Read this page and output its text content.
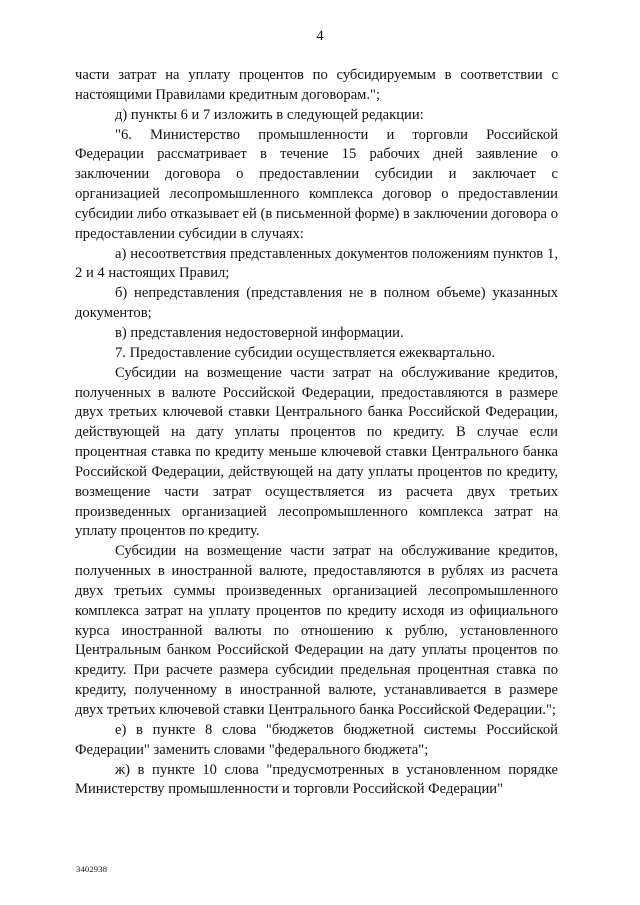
4

части затрат на уплату процентов по субсидируемым в соответствии с настоящими Правилами кредитным договорам.";

д) пункты 6 и 7 изложить в следующей редакции:

"6. Министерство промышленности и торговли Российской Федерации рассматривает в течение 15 рабочих дней заявление о заключении договора о предоставлении субсидии и заключает с организацией лесопромышленного комплекса договор о предоставлении субсидии либо отказывает ей (в письменной форме) в заключении договора о предоставлении субсидии в случаях:

а) несоответствия представленных документов положениям пунктов 1, 2 и 4 настоящих Правил;

б) непредставления (представления не в полном объеме) указанных документов;

в) представления недостоверной информации.

7. Предоставление субсидии осуществляется ежеквартально.

Субсидии на возмещение части затрат на обслуживание кредитов, полученных в валюте Российской Федерации, предоставляются в размере двух третьих ключевой ставки Центрального банка Российской Федерации, действующей на дату уплаты процентов по кредиту. В случае если процентная ставка по кредиту меньше ключевой ставки Центрального банка Российской Федерации, действующей на дату уплаты процентов по кредиту, возмещение части затрат осуществляется из расчета двух третьих произведенных организацией лесопромышленного комплекса затрат на уплату процентов по кредиту.

Субсидии на возмещение части затрат на обслуживание кредитов, полученных в иностранной валюте, предоставляются в рублях из расчета двух третьих суммы произведенных организацией лесопромышленного комплекса затрат на уплату процентов по кредиту исходя из официального курса иностранной валюты по отношению к рублю, установленного Центральным банком Российской Федерации на дату уплаты процентов по кредиту. При расчете размера субсидии предельная процентная ставка по кредиту, полученному в иностранной валюте, устанавливается в размере двух третьих ключевой ставки Центрального банка Российской Федерации.";

е) в пункте 8 слова "бюджетов бюджетной системы Российской Федерации" заменить словами "федерального бюджета";

ж) в пункте 10 слова "предусмотренных в установленном порядке Министерству промышленности и торговли Российской Федерации"

3402938
